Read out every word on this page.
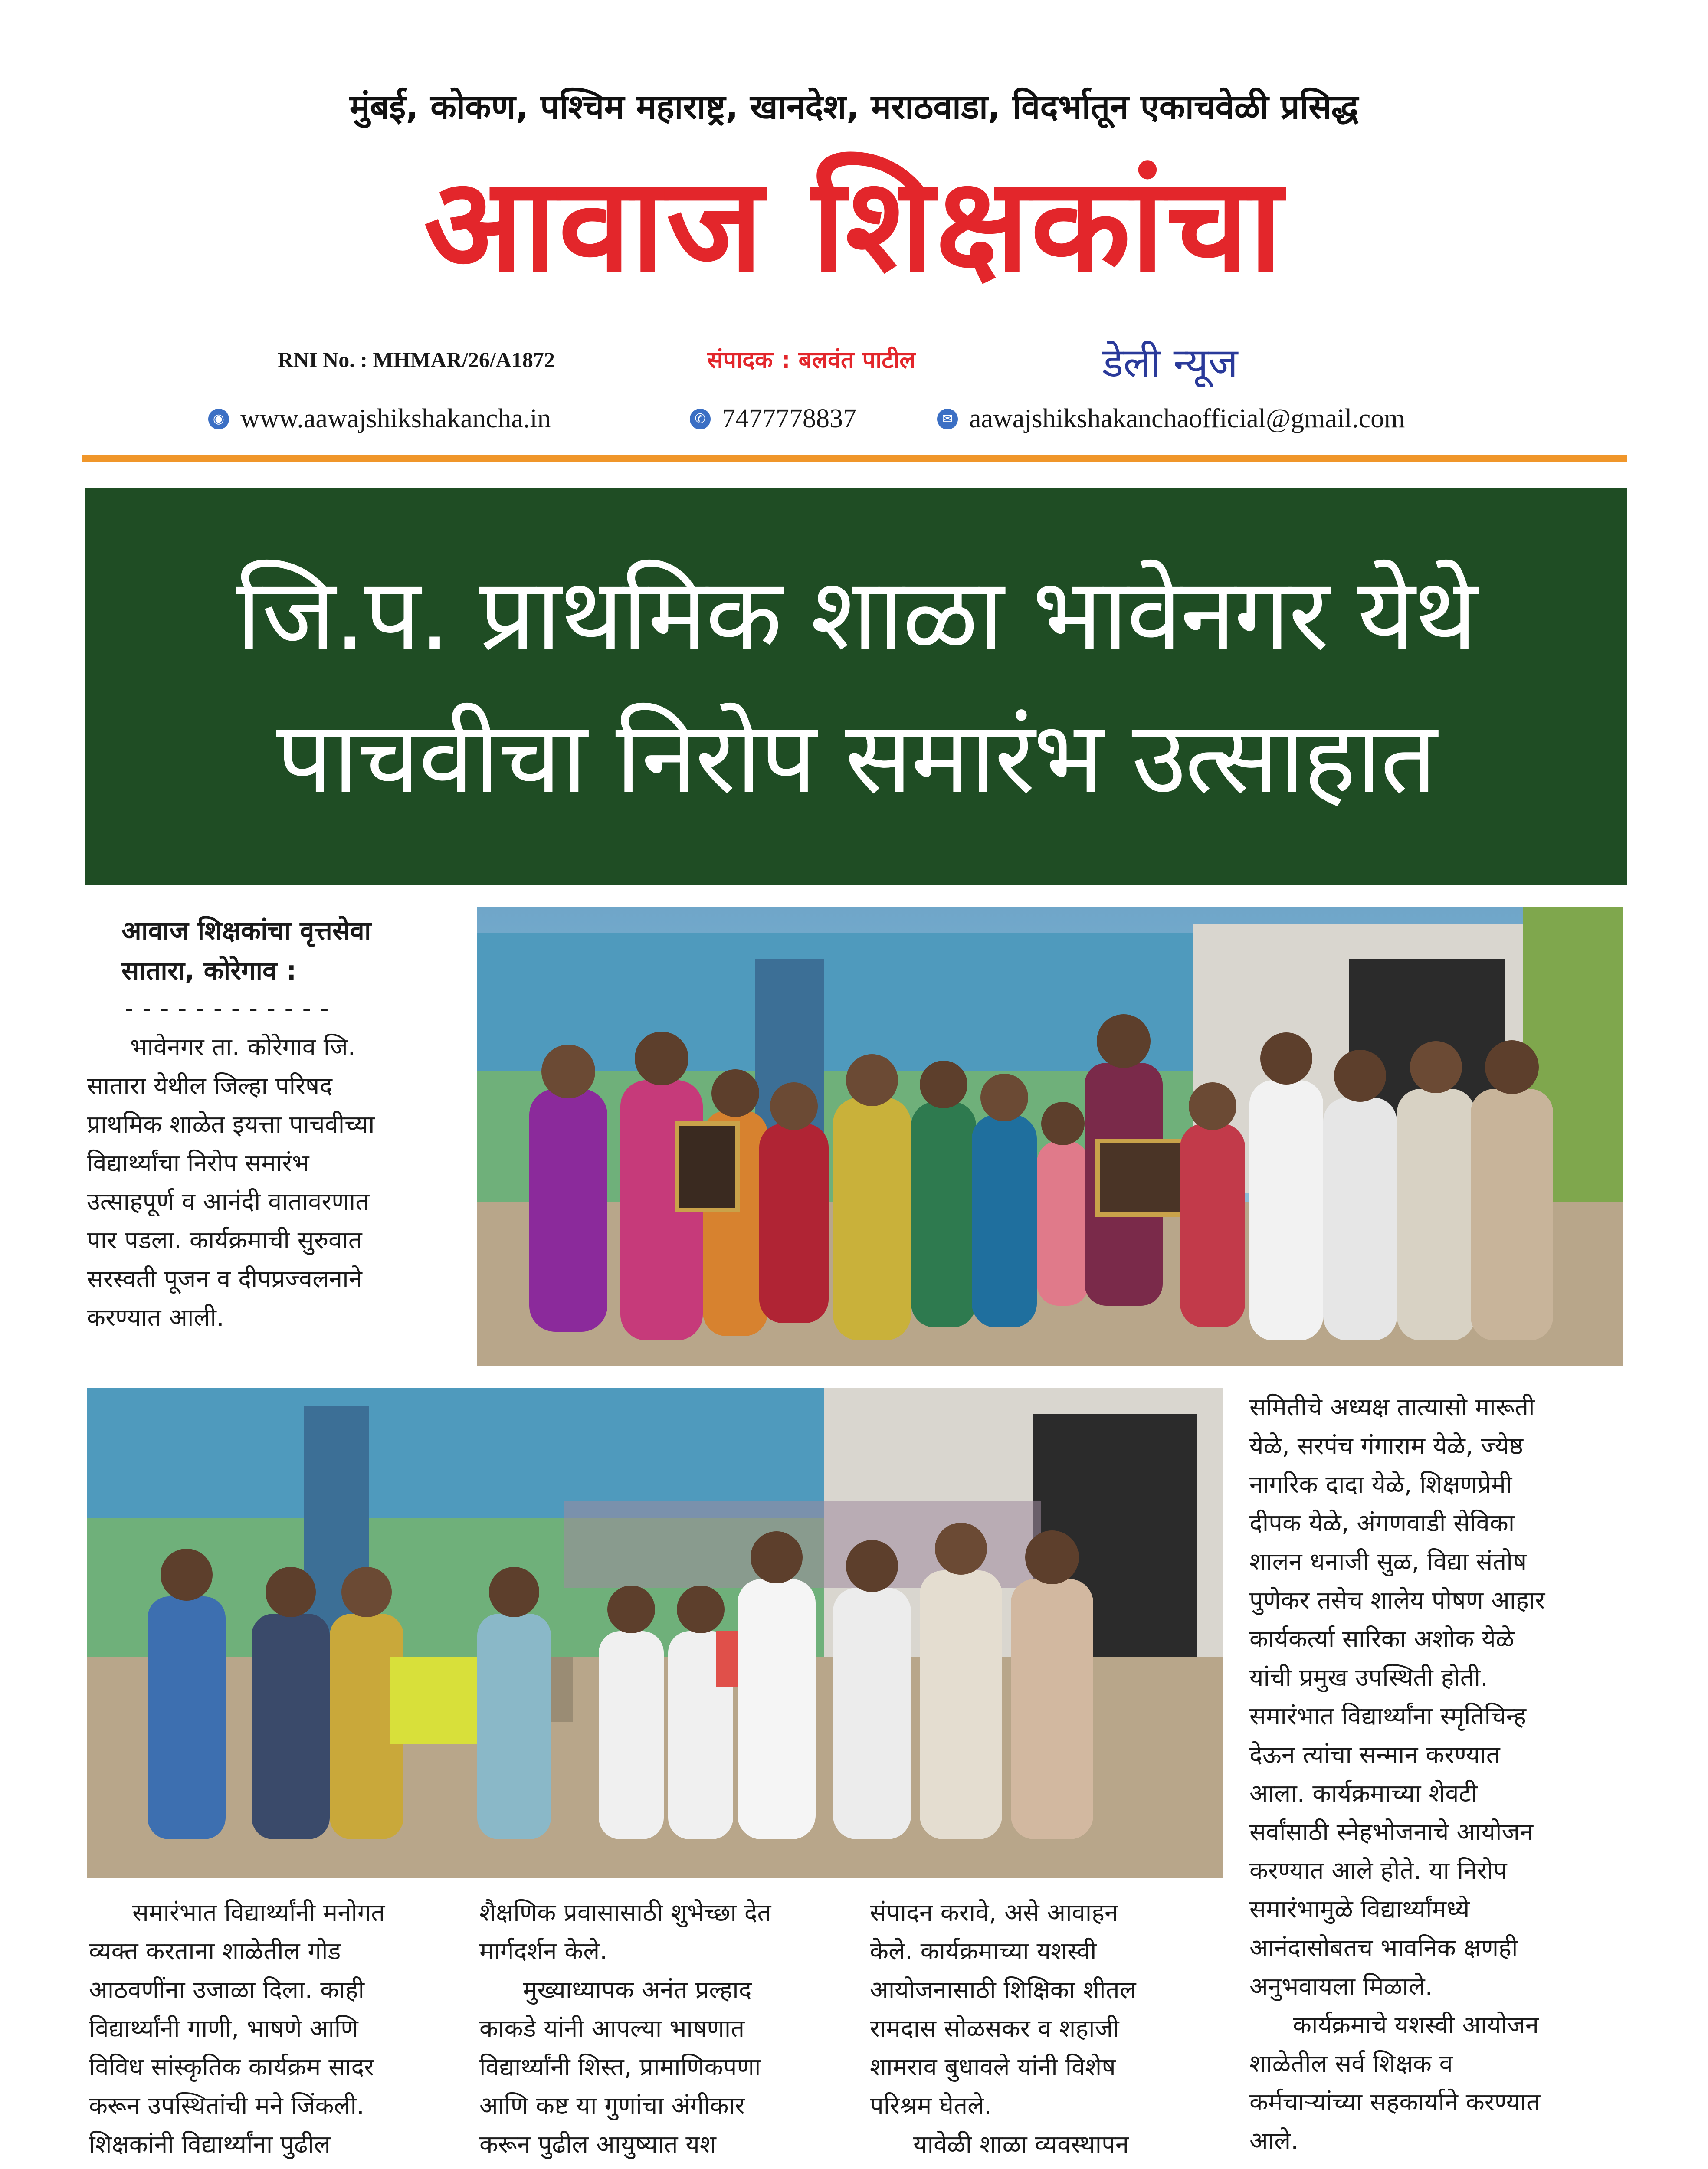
मुंबई, कोकण, पश्चिम महाराष्ट्र, खानदेश, मराठवाडा, विदर्भातून एकाचवेळी प्रसिद्ध
आवाज शिक्षकांचा
RNI No. : MHMAR/26/A1872	संपादक : बलवंत पाटील	डेली न्यूज
◉ www.aawajshikshakancha.in	✆ 7477778837	✉ aawajshikshakanchaofficial@gmail.com
जि.प. प्राथमिक शाळा भावेनगर येथे
पाचवीचा निरोप समारंभ उत्साहात
आवाज शिक्षकांचा वृत्तसेवा
सातारा, कोरेगाव :
------------
भावेनगर ता. कोरेगाव जि.
सातारा येथील जिल्हा परिषद
प्राथमिक शाळेत इयत्ता पाचवीच्या
विद्यार्थ्यांचा निरोप समारंभ
उत्साहपूर्ण व आनंदी वातावरणात
पार पडला. कार्यक्रमाची सुरुवात
सरस्वती पूजन व दीपप्रज्वलनाने
करण्यात आली.
समितीचे अध्यक्ष तात्यासो मारूती
येळे, सरपंच गंगाराम येळे, ज्येष्ठ
नागरिक दादा येळे, शिक्षणप्रेमी
दीपक येळे, अंगणवाडी सेविका
शालन धनाजी सुळ, विद्या संतोष
पुणेकर तसेच शालेय पोषण आहार
कार्यकर्त्या सारिका अशोक येळे
यांची प्रमुख उपस्थिती होती.
समारंभात विद्यार्थ्यांना स्मृतिचिन्ह
देऊन त्यांचा सन्मान करण्यात
आला. कार्यक्रमाच्या शेवटी
सर्वांसाठी स्नेहभोजनाचे आयोजन
करण्यात आले होते. या निरोप
समारंभामुळे विद्यार्थ्यांमध्ये
आनंदासोबतच भावनिक क्षणही
अनुभवायला मिळाले.
कार्यक्रमाचे यशस्वी आयोजन
शाळेतील सर्व शिक्षक व
कर्मचाऱ्यांच्या सहकार्याने करण्यात
आले.
समारंभात विद्यार्थ्यांनी मनोगत
व्यक्त करताना शाळेतील गोड
आठवणींना उजाळा दिला. काही
विद्यार्थ्यांनी गाणी, भाषणे आणि
विविध सांस्कृतिक कार्यक्रम सादर
करून उपस्थितांची मने जिंकली.
शिक्षकांनी विद्यार्थ्यांना पुढील
शैक्षणिक प्रवासासाठी शुभेच्छा देत
मार्गदर्शन केले.
मुख्याध्यापक अनंत प्रल्हाद
काकडे यांनी आपल्या भाषणात
विद्यार्थ्यांनी शिस्त, प्रामाणिकपणा
आणि कष्ट या गुणांचा अंगीकार
करून पुढील आयुष्यात यश
संपादन करावे, असे आवाहन
केले. कार्यक्रमाच्या यशस्वी
आयोजनासाठी शिक्षिका शीतल
रामदास सोळसकर व शहाजी
शामराव बुधावले यांनी विशेष
परिश्रम घेतले.
यावेळी शाळा व्यवस्थापन
